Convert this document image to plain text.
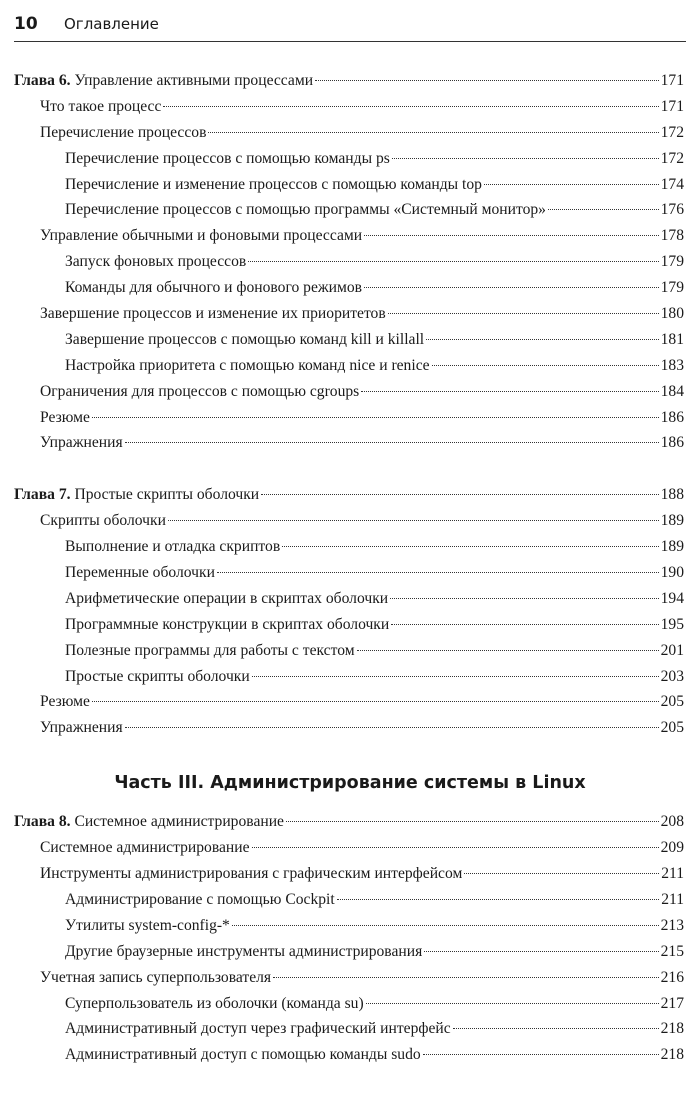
10 Оглавление
Глава 6. Управление активными процессами	171
Что такое процесс	171
Перечисление процессов	172
Перечисление процессов с помощью команды ps	172
Перечисление и изменение процессов с помощью команды top	174
Перечисление процессов с помощью программы «Системный монитор»	176
Управление обычными и фоновыми процессами	178
Запуск фоновых процессов	179
Команды для обычного и фонового режимов	179
Завершение процессов и изменение их приоритетов	180
Завершение процессов с помощью команд kill и killall	181
Настройка приоритета с помощью команд nice и renice	183
Ограничения для процессов с помощью cgroups	184
Резюме	186
Упражнения	186
Глава 7. Простые скрипты оболочки	188
Скрипты оболочки	189
Выполнение и отладка скриптов	189
Переменные оболочки	190
Арифметические операции в скриптах оболочки	194
Программные конструкции в скриптах оболочки	195
Полезные программы для работы с текстом	201
Простые скрипты оболочки	203
Резюме	205
Упражнения	205
Часть III. Администрирование системы в Linux
Глава 8. Системное администрирование	208
Системное администрирование	209
Инструменты администрирования с графическим интерфейсом	211
Администрирование с помощью Cockpit	211
Утилиты system-config-*	213
Другие браузерные инструменты администрирования	215
Учетная запись суперпользователя	216
Суперпользователь из оболочки (команда su)	217
Административный доступ через графический интерфейс	218
Административный доступ с помощью команды sudo	218
